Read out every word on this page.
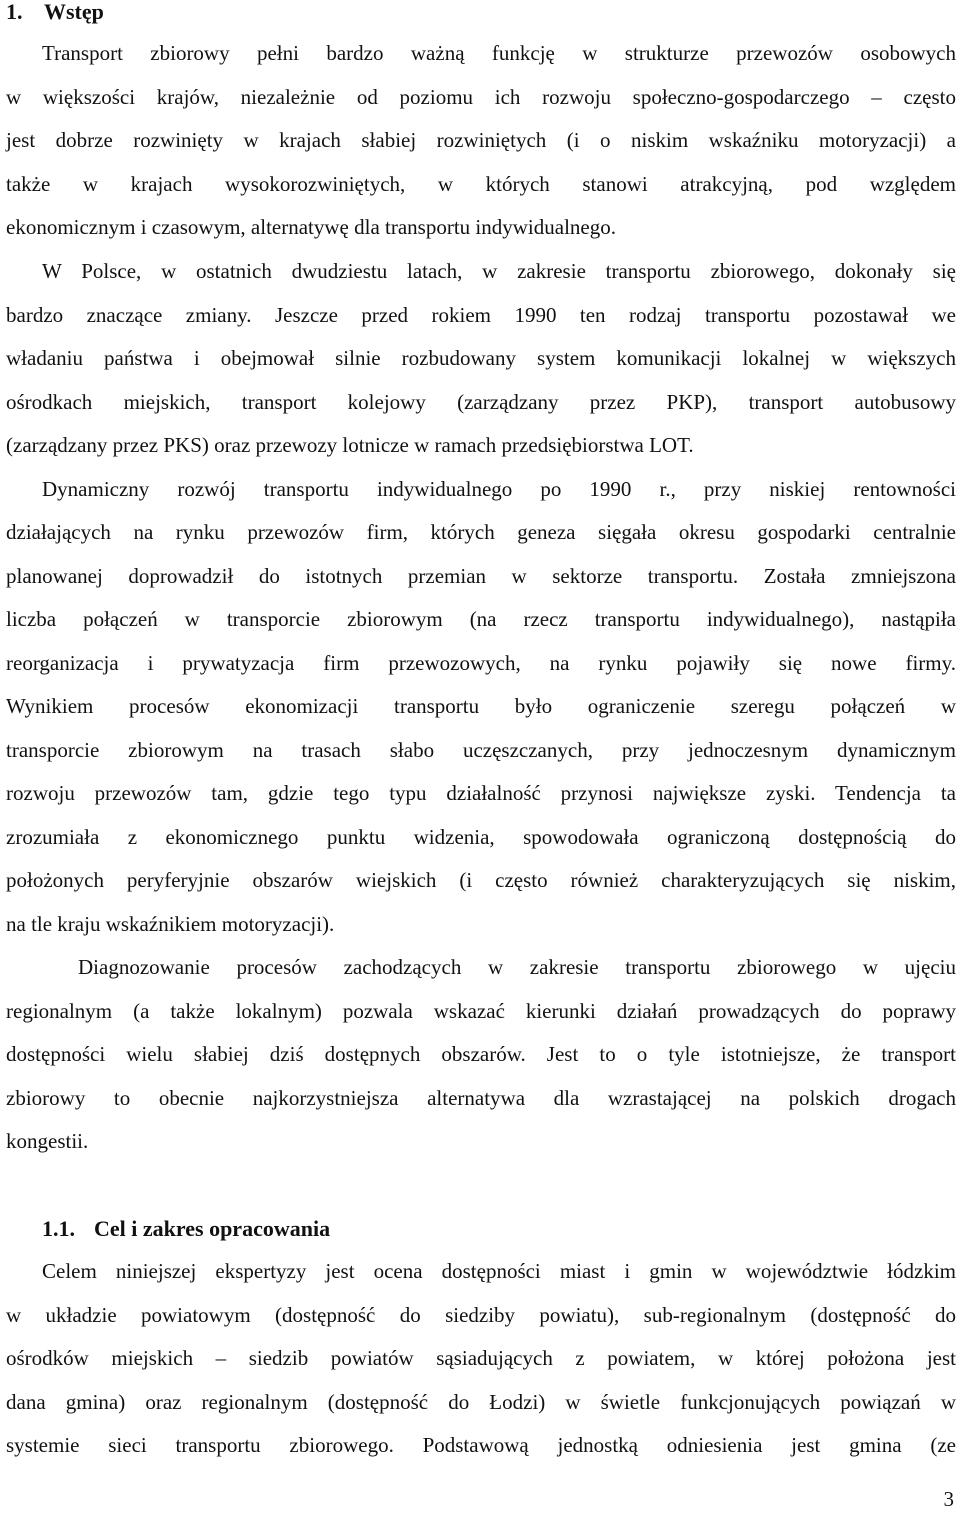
1. Wstęp

Transport zbiorowy pełni bardzo ważną funkcję w strukturze przewozów osobowych

w większości krajów, niezależnie od poziomu ich rozwoju społeczno-gospodarczego – często

jest dobrze rozwinięty w krajach słabiej rozwiniętych (i o niskim wskaźniku motoryzacji) a

także w krajach wysokorozwiniętych, w których stanowi atrakcyjną, pod względem

ekonomicznym i czasowym, alternatywę dla transportu indywidualnego.

W Polsce, w ostatnich dwudziestu latach, w zakresie transportu zbiorowego, dokonały się

bardzo znaczące zmiany. Jeszcze przed rokiem 1990 ten rodzaj transportu pozostawał we

władaniu państwa i obejmował silnie rozbudowany system komunikacji lokalnej w większych

ośrodkach miejskich, transport kolejowy (zarządzany przez PKP), transport autobusowy

(zarządzany przez PKS) oraz przewozy lotnicze w ramach przedsiębiorstwa LOT.

Dynamiczny rozwój transportu indywidualnego po 1990 r., przy niskiej rentowności

działających na rynku przewozów firm, których geneza sięgała okresu gospodarki centralnie

planowanej doprowadził do istotnych przemian w sektorze transportu. Została zmniejszona

liczba połączeń w transporcie zbiorowym (na rzecz transportu indywidualnego), nastąpiła

reorganizacja i prywatyzacja firm przewozowych, na rynku pojawiły się nowe firmy.

Wynikiem procesów ekonomizacji transportu było ograniczenie szeregu połączeń w

transporcie zbiorowym na trasach słabo uczęszczanych, przy jednoczesnym dynamicznym

rozwoju przewozów tam, gdzie tego typu działalność przynosi największe zyski. Tendencja ta

zrozumiała z ekonomicznego punktu widzenia, spowodowała ograniczoną dostępnością do

położonych peryferyjnie obszarów wiejskich (i często również charakteryzujących się niskim,

na tle kraju wskaźnikiem motoryzacji).

Diagnozowanie procesów zachodzących w zakresie transportu zbiorowego w ujęciu

regionalnym (a także lokalnym) pozwala wskazać kierunki działań prowadzących do poprawy

dostępności wielu słabiej dziś dostępnych obszarów. Jest to o tyle istotniejsze, że transport

zbiorowy to obecnie najkorzystniejsza alternatywa dla wzrastającej na polskich drogach

kongestii.

1.1. Cel i zakres opracowania

Celem niniejszej ekspertyzy jest ocena dostępności miast i gmin w województwie łódzkim

w układzie powiatowym (dostępność do siedziby powiatu), sub-regionalnym (dostępność do

ośrodków miejskich – siedzib powiatów sąsiadujących z powiatem, w której położona jest

dana gmina) oraz regionalnym (dostępność do Łodzi) w świetle funkcjonujących powiązań w

systemie sieci transportu zbiorowego. Podstawową jednostką odniesienia jest gmina (ze

3
